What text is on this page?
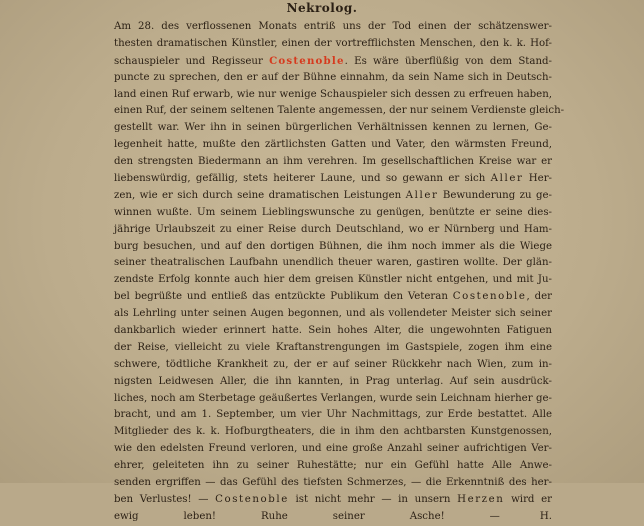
Nekrolog.
Am 28. des verflossenen Monats entriß uns der Tod einen der schätzenswer-
thesten dramatischen Künstler, einen der vortrefflichsten Menschen, den k. k. Hof-
schauspieler und Regisseur Costenoble. Es wäre überflüßig von dem Stand-
puncte zu sprechen, den er auf der Bühne einnahm, da sein Name sich in Deutsch-
land einen Ruf erwarb, wie nur wenige Schauspieler sich dessen zu erfreuen haben,
einen Ruf, der seinem seltenen Talente angemessen, der nur seinem Verdienste gleich-
gestellt war. Wer ihn in seinen bürgerlichen Verhältnissen kennen zu lernen, Ge-
legenheit hatte, mußte den zärtlichsten Gatten und Vater, den wärmsten Freund,
den strengsten Biedermann an ihm verehren. Im gesellschaftlichen Kreise war er
liebenswürdig, gefällig, stets heiterer Laune, und so gewann er sich Aller Her-
zen, wie er sich durch seine dramatischen Leistungen Aller Bewunderung zu ge-
winnen wußte. Um seinem Lieblingswunsche zu genügen, benützte er seine dies-
jährige Urlaubszeit zu einer Reise durch Deutschland, wo er Nürnberg und Ham-
burg besuchen, und auf den dortigen Bühnen, die ihm noch immer als die Wiege
seiner theatralischen Laufbahn unendlich theuer waren, gastiren wollte. Der glän-
zendste Erfolg konnte auch hier dem greisen Künstler nicht entgehen, und mit Ju-
bel begrüßte und entließ das entzückte Publikum den Veteran Costenoble, der
als Lehrling unter seinen Augen begonnen, und als vollendeter Meister sich seiner
dankbarlich wieder erinnert hatte. Sein hohes Alter, die ungewohnten Fatiguen
der Reise, vielleicht zu viele Kraftanstrengungen im Gastspiele, zogen ihm eine
schwere, tödtliche Krankheit zu, der er auf seiner Rückkehr nach Wien, zum in-
nigsten Leidwesen Aller, die ihn kannten, in Prag unterlag. Auf sein ausdrück-
liches, noch am Sterbetage geäußertes Verlangen, wurde sein Leichnam hierher ge-
bracht, und am 1. September, um vier Uhr Nachmittags, zur Erde bestattet. Alle
Mitglieder des k. k. Hofburgtheaters, die in ihm den achtbarsten Kunstgenossen,
wie den edelsten Freund verloren, und eine große Anzahl seiner aufrichtigen Ver-
ehrer, geleiteten ihn zu seiner Ruhestätte; nur ein Gefühl hatte Alle Anwe-
senden ergriffen — das Gefühl des tiefsten Schmerzes, — die Erkenntniß des her-
ben Verlustes! — Costenoble ist nicht mehr — in unsern Herzen wird er
ewig leben! Ruhe seiner Asche! —	H.
